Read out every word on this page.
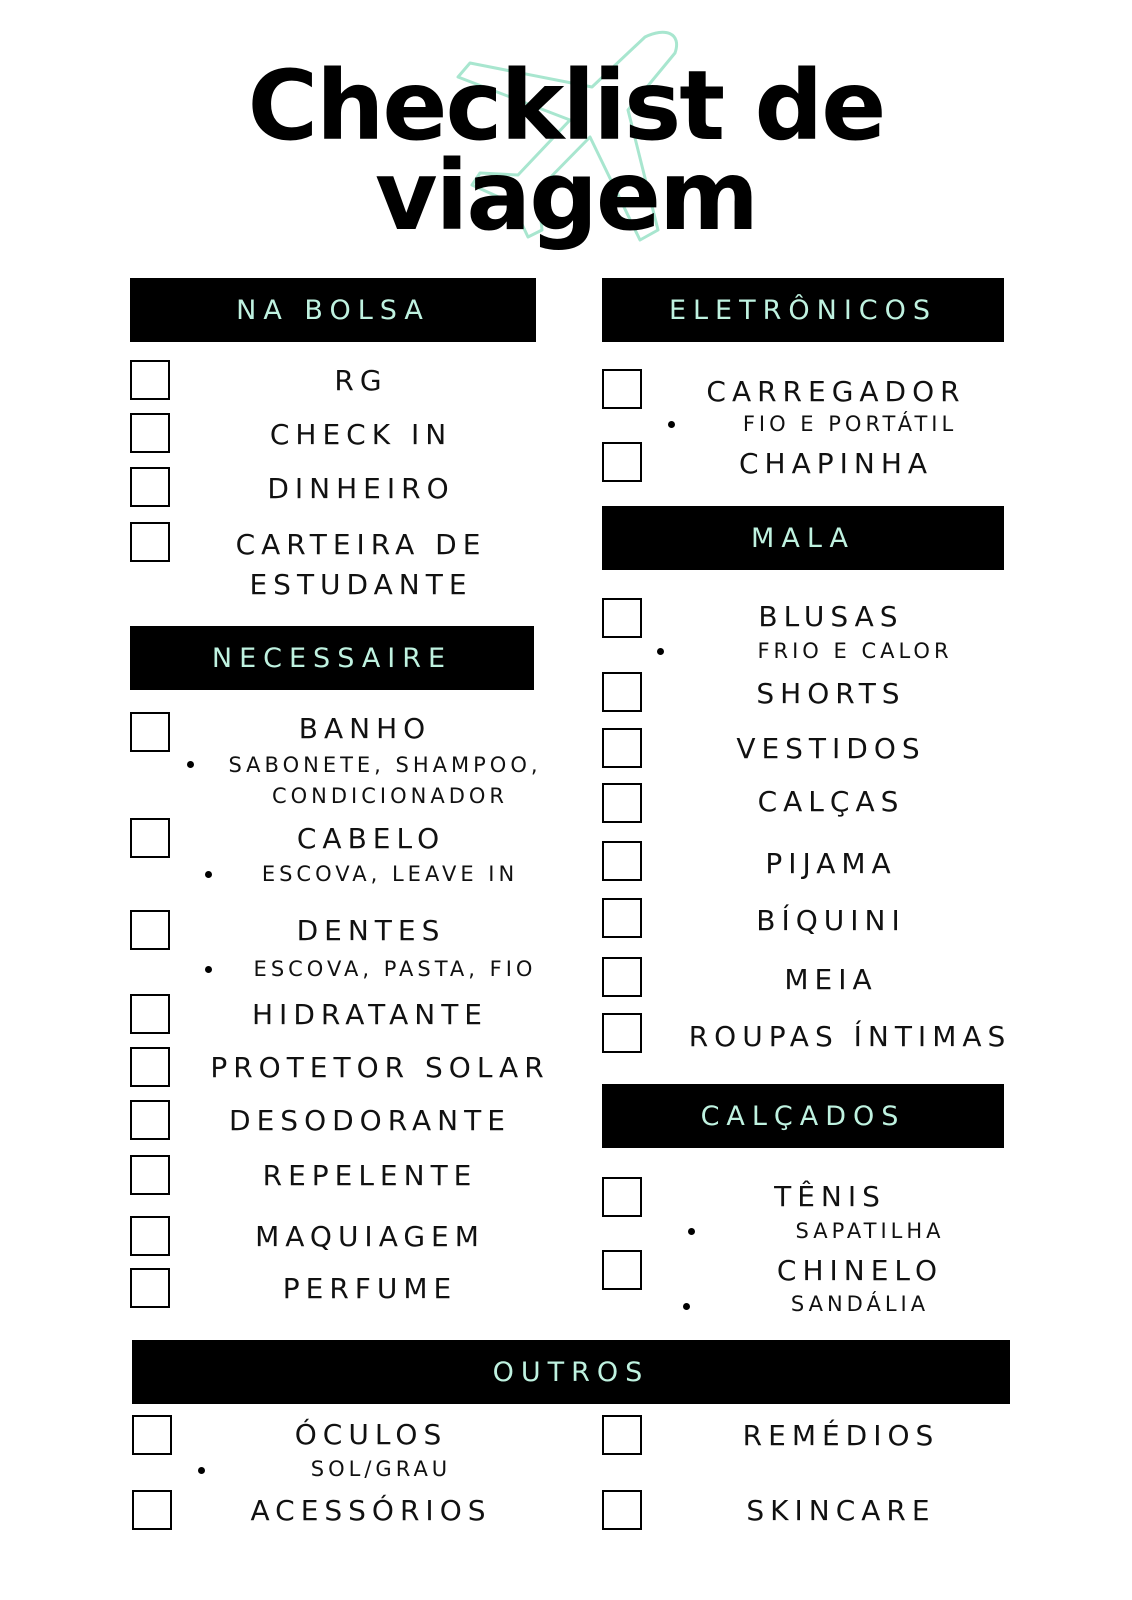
Checklist de
viagem
NA BOLSA
RG
CHECK IN
DINHEIRO
CARTEIRA DE
ESTUDANTE
NECESSAIRE
BANHO
SABONETE, SHAMPOO,
CONDICIONADOR
CABELO
ESCOVA, LEAVE IN
DENTES
ESCOVA, PASTA, FIO
HIDRATANTE
PROTETOR SOLAR
DESODORANTE
REPELENTE
MAQUIAGEM
PERFUME
ELETRÔNICOS
CARREGADOR
FIO E PORTÁTIL
CHAPINHA
MALA
BLUSAS
FRIO E CALOR
SHORTS
VESTIDOS
CALÇAS
PIJAMA
BÍQUINI
MEIA
ROUPAS ÍNTIMAS
CALÇADOS
TÊNIS
SAPATILHA
CHINELO
SANDÁLIA
OUTROS
ÓCULOS
SOL/GRAU
ACESSÓRIOS
REMÉDIOS
SKINCARE
